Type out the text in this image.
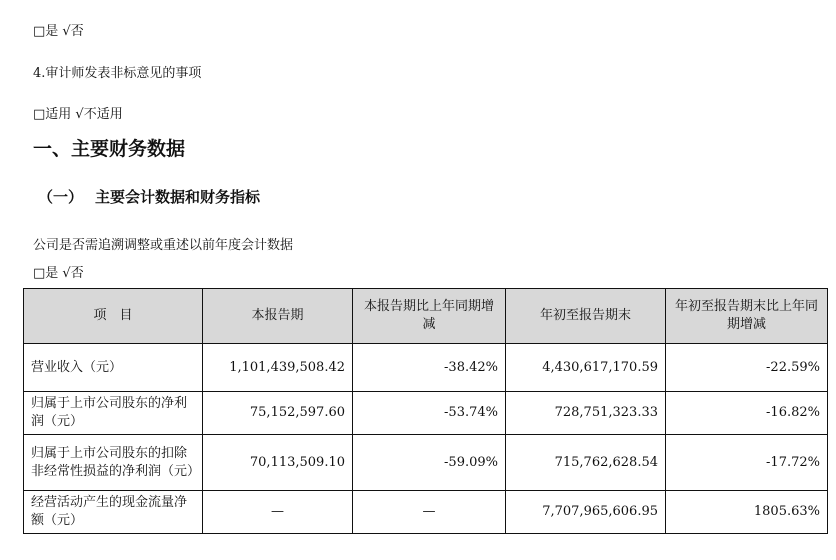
□是 √否
4.审计师发表非标意见的事项
□适用 √不适用
一、主要财务数据
（一） 主要会计数据和财务指标
公司是否需追溯调整或重述以前年度会计数据
□是 √否
项　目	本报告期	本报告期比上年同期增减	年初至报告期末	年初至报告期末比上年同期增减
营业收入（元）	1,101,439,508.42	-38.42%	4,430,617,170.59	-22.59%
归属于上市公司股东的净利润（元）	75,152,597.60	-53.74%	728,751,323.33	-16.82%
归属于上市公司股东的扣除非经常性损益的净利润（元）	70,113,509.10	-59.09%	715,762,628.54	-17.72%
经营活动产生的现金流量净额（元）	—	—	7,707,965,606.95	1805.63%
